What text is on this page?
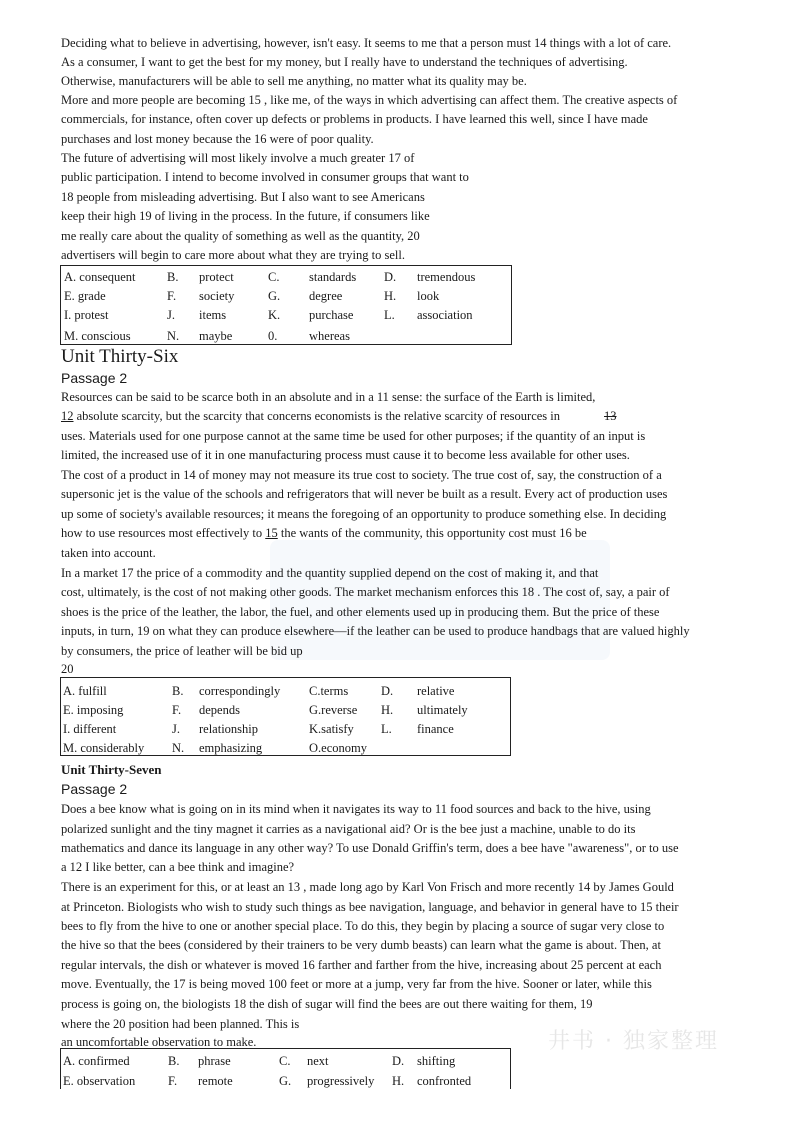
Deciding what to believe in advertising, however, isn't easy. It seems to me that a person must 14 things with a lot of care.
As a consumer, I want to get the best for my money, but I really have to understand the techniques of advertising.
Otherwise, manufacturers will be able to sell me anything, no matter what its quality may be.
More and more people are becoming 15 , like me, of the ways in which advertising can affect them. The creative aspects of
commercials, for instance, often cover up defects or problems in products. I have learned this well, since I have made
purchases and lost money because the 16 were of poor quality.
The future of advertising will most likely involve a much greater 17 of
public participation. I intend to become involved in consumer groups that want to
18 people from misleading advertising. But I also want to see Americans
keep their high 19 of living in the process. In the future, if consumers like
me really care about the quality of something as well as the quantity, 20
advertisers will begin to care more about what they are trying to sell.
A. consequent	B. protect	C. standards D. tremendous
E. grade	F. society	G. degree	H. look
I. protest	J. items	K. purchase L. association
M. conscious	N. maybe	0.	whereas
Unit Thirty-Six
Passage 2
Resources can be said to be scarce both in an absolute and in a 11 sense: the surface of the Earth is limited,
12 absolute scarcity, but the scarcity that concerns economists is the relative scarcity of resources in	13
uses. Materials used for one purpose cannot at the same time be used for other purposes; if the quantity of an input is
limited, the increased use of it in one manufacturing process must cause it to become less available for other uses.
The cost of a product in 14 of money may not measure its true cost to society. The true cost of, say, the construction of a
supersonic jet is the value of the schools and refrigerators that will never be built as a result. Every act of production uses
up some of society's available resources; it means the foregoing of an opportunity to produce something else. In deciding
how to use resources most effectively to 15 the wants of the community, this opportunity cost must 16 be
taken into account.
In a market 17 the price of a commodity and the quantity supplied depend on the cost of making it, and that
cost, ultimately, is the cost of not making other goods. The market mechanism enforces this 18 . The cost of, say, a pair of
shoes is the price of the leather, the labor, the fuel, and other elements used up in producing them. But the price of these
inputs, in turn, 19 on what they can produce elsewhere—if the leather can be used to produce handbags that are valued highly
by consumers, the price of leather will be bid up
20
A. fulfill	B. correspondingly C.terms	D. relative
E. imposing	F. depends	G.reverse H. ultimately
I. different	J. relationship	K.satisfy L. finance
M. considerably N. emphasizing	O.economy
Unit Thirty-Seven
Passage 2
Does a bee know what is going on in its mind when it navigates its way to 11 food sources and back to the hive, using
polarized sunlight and the tiny magnet it carries as a navigational aid? Or is the bee just a machine, unable to do its
mathematics and dance its language in any other way? To use Donald Griffin's term, does a bee have "awareness", or to use
a 12 I like better, can a bee think and imagine?
There is an experiment for this, or at least an 13 , made long ago by Karl Von Frisch and more recently 14 by James Gould
at Princeton. Biologists who wish to study such things as bee navigation, language, and behavior in general have to 15 their
bees to fly from the hive to one or another special place. To do this, they begin by placing a source of sugar very close to
the hive so that the bees (considered by their trainers to be very dumb beasts) can learn what the game is about. Then, at
regular intervals, the dish or whatever is moved 16 farther and farther from the hive, increasing about 25 percent at each
move. Eventually, the 17 is being moved 100 feet or more at a jump, very far from the hive. Sooner or later, while this
process is going on, the biologists 18 the dish of sugar will find the bees are out there waiting for them, 19
where the 20 position had been planned. This is
an uncomfortable observation to make.	井书 · 独家整理
A. confirmed	B. phrase	C. next	D. shifting
E. observation	F. remote	G. progressively H. confronted
